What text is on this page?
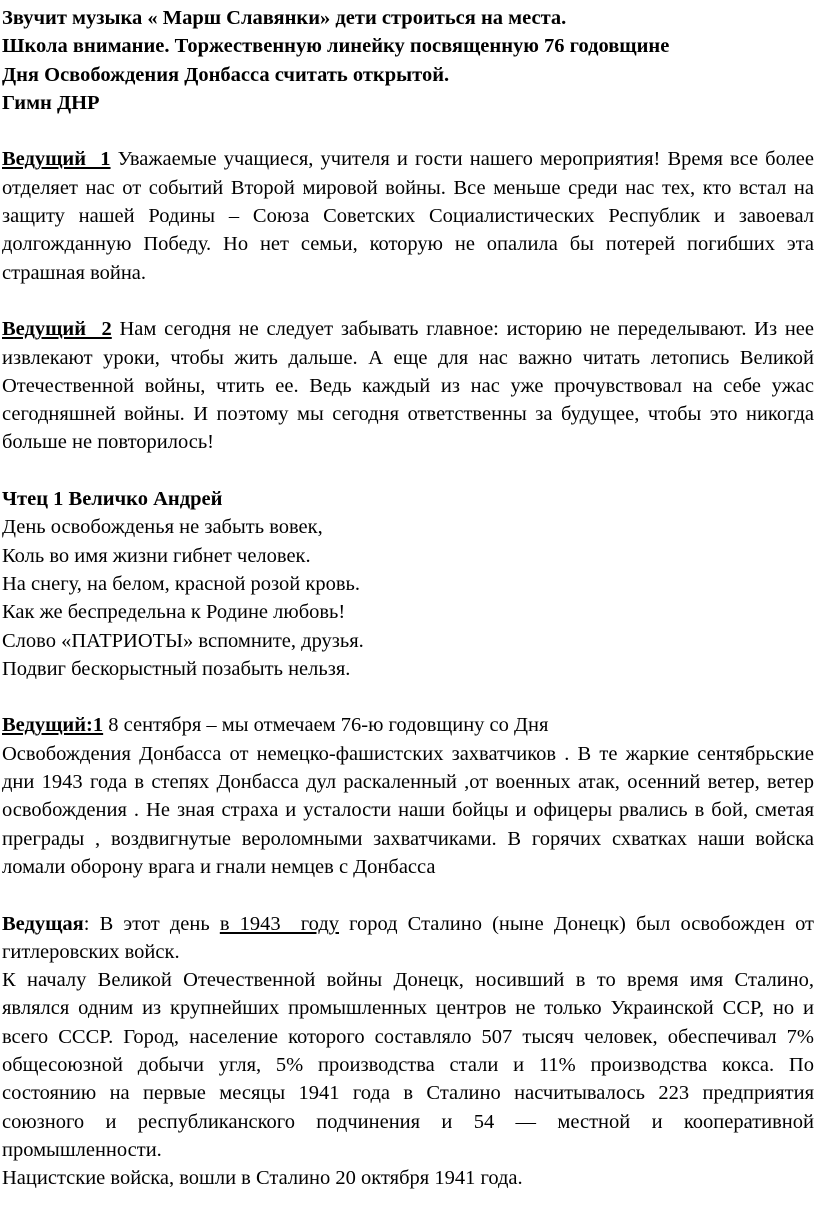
Звучит музыка « Марш Славянки» дети строиться на места.
Школа внимание. Торжественную линейку посвященную 76 годовщине
Дня Освобождения Донбасса считать открытой.
Гимн ДНР

Ведущий  1 Уважаемые учащиеся, учителя и гости нашего мероприятия! Время все более отделяет нас от событий Второй мировой войны. Все меньше среди нас тех, кто встал на защиту нашей Родины – Союза Советских Социалистических Республик и завоевал долгожданную Победу. Но нет семьи, которую не опалила бы потерей погибших эта страшная война.

Ведущий  2 Нам сегодня не следует забывать главное: историю не переделывают. Из нее извлекают уроки, чтобы жить дальше. А еще для нас важно читать летопись Великой Отечественной войны, чтить ее. Ведь каждый из нас уже прочувствовал на себе ужас сегодняшней войны. И поэтому мы сегодня ответственны за будущее, чтобы это никогда больше не повторилось!

Чтец 1 Величко Андрей
День освобожденья не забыть вовек,
Коль во имя жизни гибнет человек.
На снегу, на белом, красной розой кровь.
Как же беспредельна к Родине любовь!
Слово «ПАТРИОТЫ» вспомните, друзья.
Подвиг бескорыстный позабыть нельзя.
Ведущий:1 8 сентября – мы отмечаем 76-ю годовщину со Дня

Освобождения Донбасса от немецко-фашистских захватчиков . В те жаркие сентябрьские дни 1943 года в степях Донбасса дул раскаленный ,от военных атак, осенний ветер, ветер освобождения . Не зная страха и усталости наши бойцы и офицеры рвались в бой, сметая преграды , воздвигнутые вероломными захватчиками. В горячих схватках наши войска ломали оборону врага и гнали немцев с Донбасса

Ведущая: В этот день в 1943  году город Сталино (ныне Донецк) был освобожден от гитлеровских войск.

К началу Великой Отечественной войны Донецк, носивший в то время имя Сталино, являлся одним из крупнейших промышленных центров не только Украинской ССР, но и всего СССР. Город, население которого составляло 507 тысяч человек, обеспечивал 7% общесоюзной добычи угля, 5% производства стали и 11% производства кокса. По состоянию на первые месяцы 1941 года в Сталино насчитывалось 223 предприятия союзного и республиканского подчинения и 54 — местной и кооперативной промышленности.

Нацистские войска, вошли в Сталино 20 октября 1941 года.
